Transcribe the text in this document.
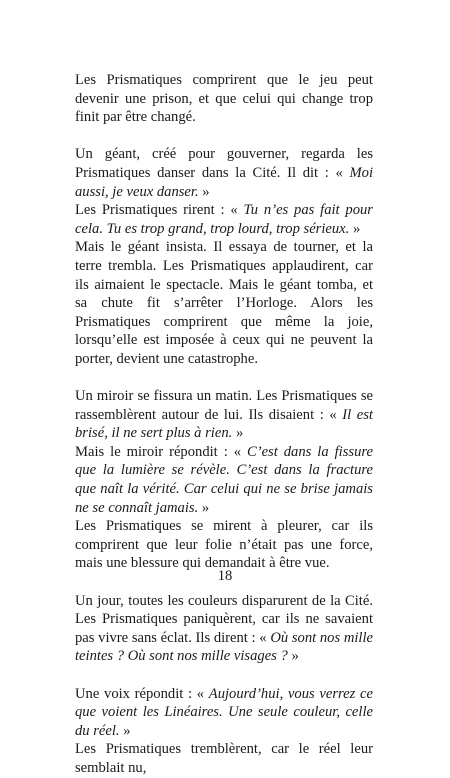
Les Prismatiques comprirent que le jeu peut devenir une prison, et que celui qui change trop finit par être changé.

Un géant, créé pour gouverner, regarda les Prismatiques danser dans la Cité. Il dit : « Moi aussi, je veux danser. »

Les Prismatiques rirent : « Tu n’es pas fait pour cela. Tu es trop grand, trop lourd, trop sérieux. »

Mais le géant insista. Il essaya de tourner, et la terre trembla. Les Prismatiques applaudirent, car ils aimaient le spectacle. Mais le géant tomba, et sa chute fit s’arrêter l’Horloge. Alors les Prismatiques comprirent que même la joie, lorsqu’elle est imposée à ceux qui ne peuvent la porter, devient une catastrophe.

Un miroir se fissura un matin. Les Prismatiques se rassemblèrent autour de lui. Ils disaient : « Il est brisé, il ne sert plus à rien. »

Mais le miroir répondit : « C’est dans la fissure que la lumière se révèle. C’est dans la fracture que naît la vérité. Car celui qui ne se brise jamais ne se connaît jamais. »

Les Prismatiques se mirent à pleurer, car ils comprirent que leur folie n’était pas une force, mais une blessure qui demandait à être vue.

Un jour, toutes les couleurs disparurent de la Cité. Les Prismatiques paniquèrent, car ils ne savaient pas vivre sans éclat. Ils dirent : « Où sont nos mille teintes ? Où sont nos mille visages ? »

Une voix répondit : « Aujourd’hui, vous verrez ce que voient les Linéaires. Une seule couleur, celle du réel. »

Les Prismatiques tremblèrent, car le réel leur semblait nu,

18
